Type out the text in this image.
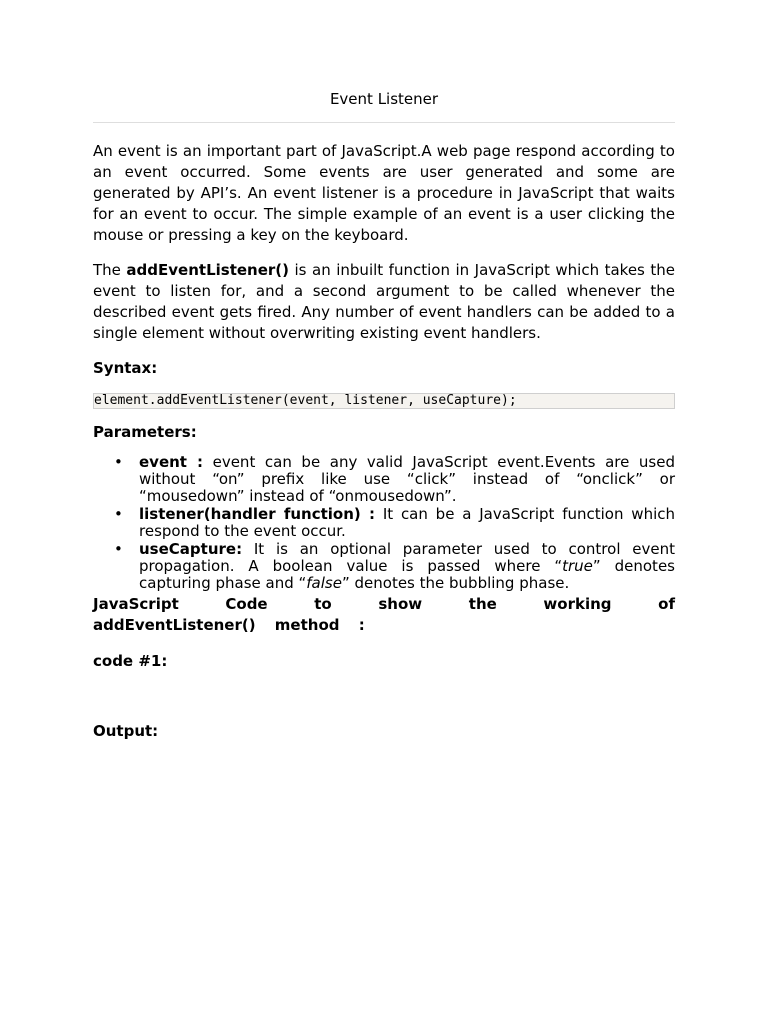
Event Listener

An event is an important part of JavaScript.A web page respond according to an event occurred. Some events are user generated and some are generated by API’s. An event listener is a procedure in JavaScript that waits for an event to occur. The simple example of an event is a user clicking the mouse or pressing a key on the keyboard.

The addEventListener() is an inbuilt function in JavaScript which takes the event to listen for, and a second argument to be called whenever the described event gets fired. Any number of event handlers can be added to a single element without overwriting existing event handlers.

Syntax:

element.addEventListener(event, listener, useCapture);

Parameters:

• event : event can be any valid JavaScript event.Events are used without “on” prefix like use “click” instead of “onclick” or “mousedown” instead of “onmousedown”.
• listener(handler function) : It can be a JavaScript function which respond to the event occur.
• useCapture: It is an optional parameter used to control event propagation. A boolean value is passed where “true” denotes capturing phase and “false” denotes the bubbling phase.

JavaScript Code to show the working of addEventListener() method :

code #1:

Output:
